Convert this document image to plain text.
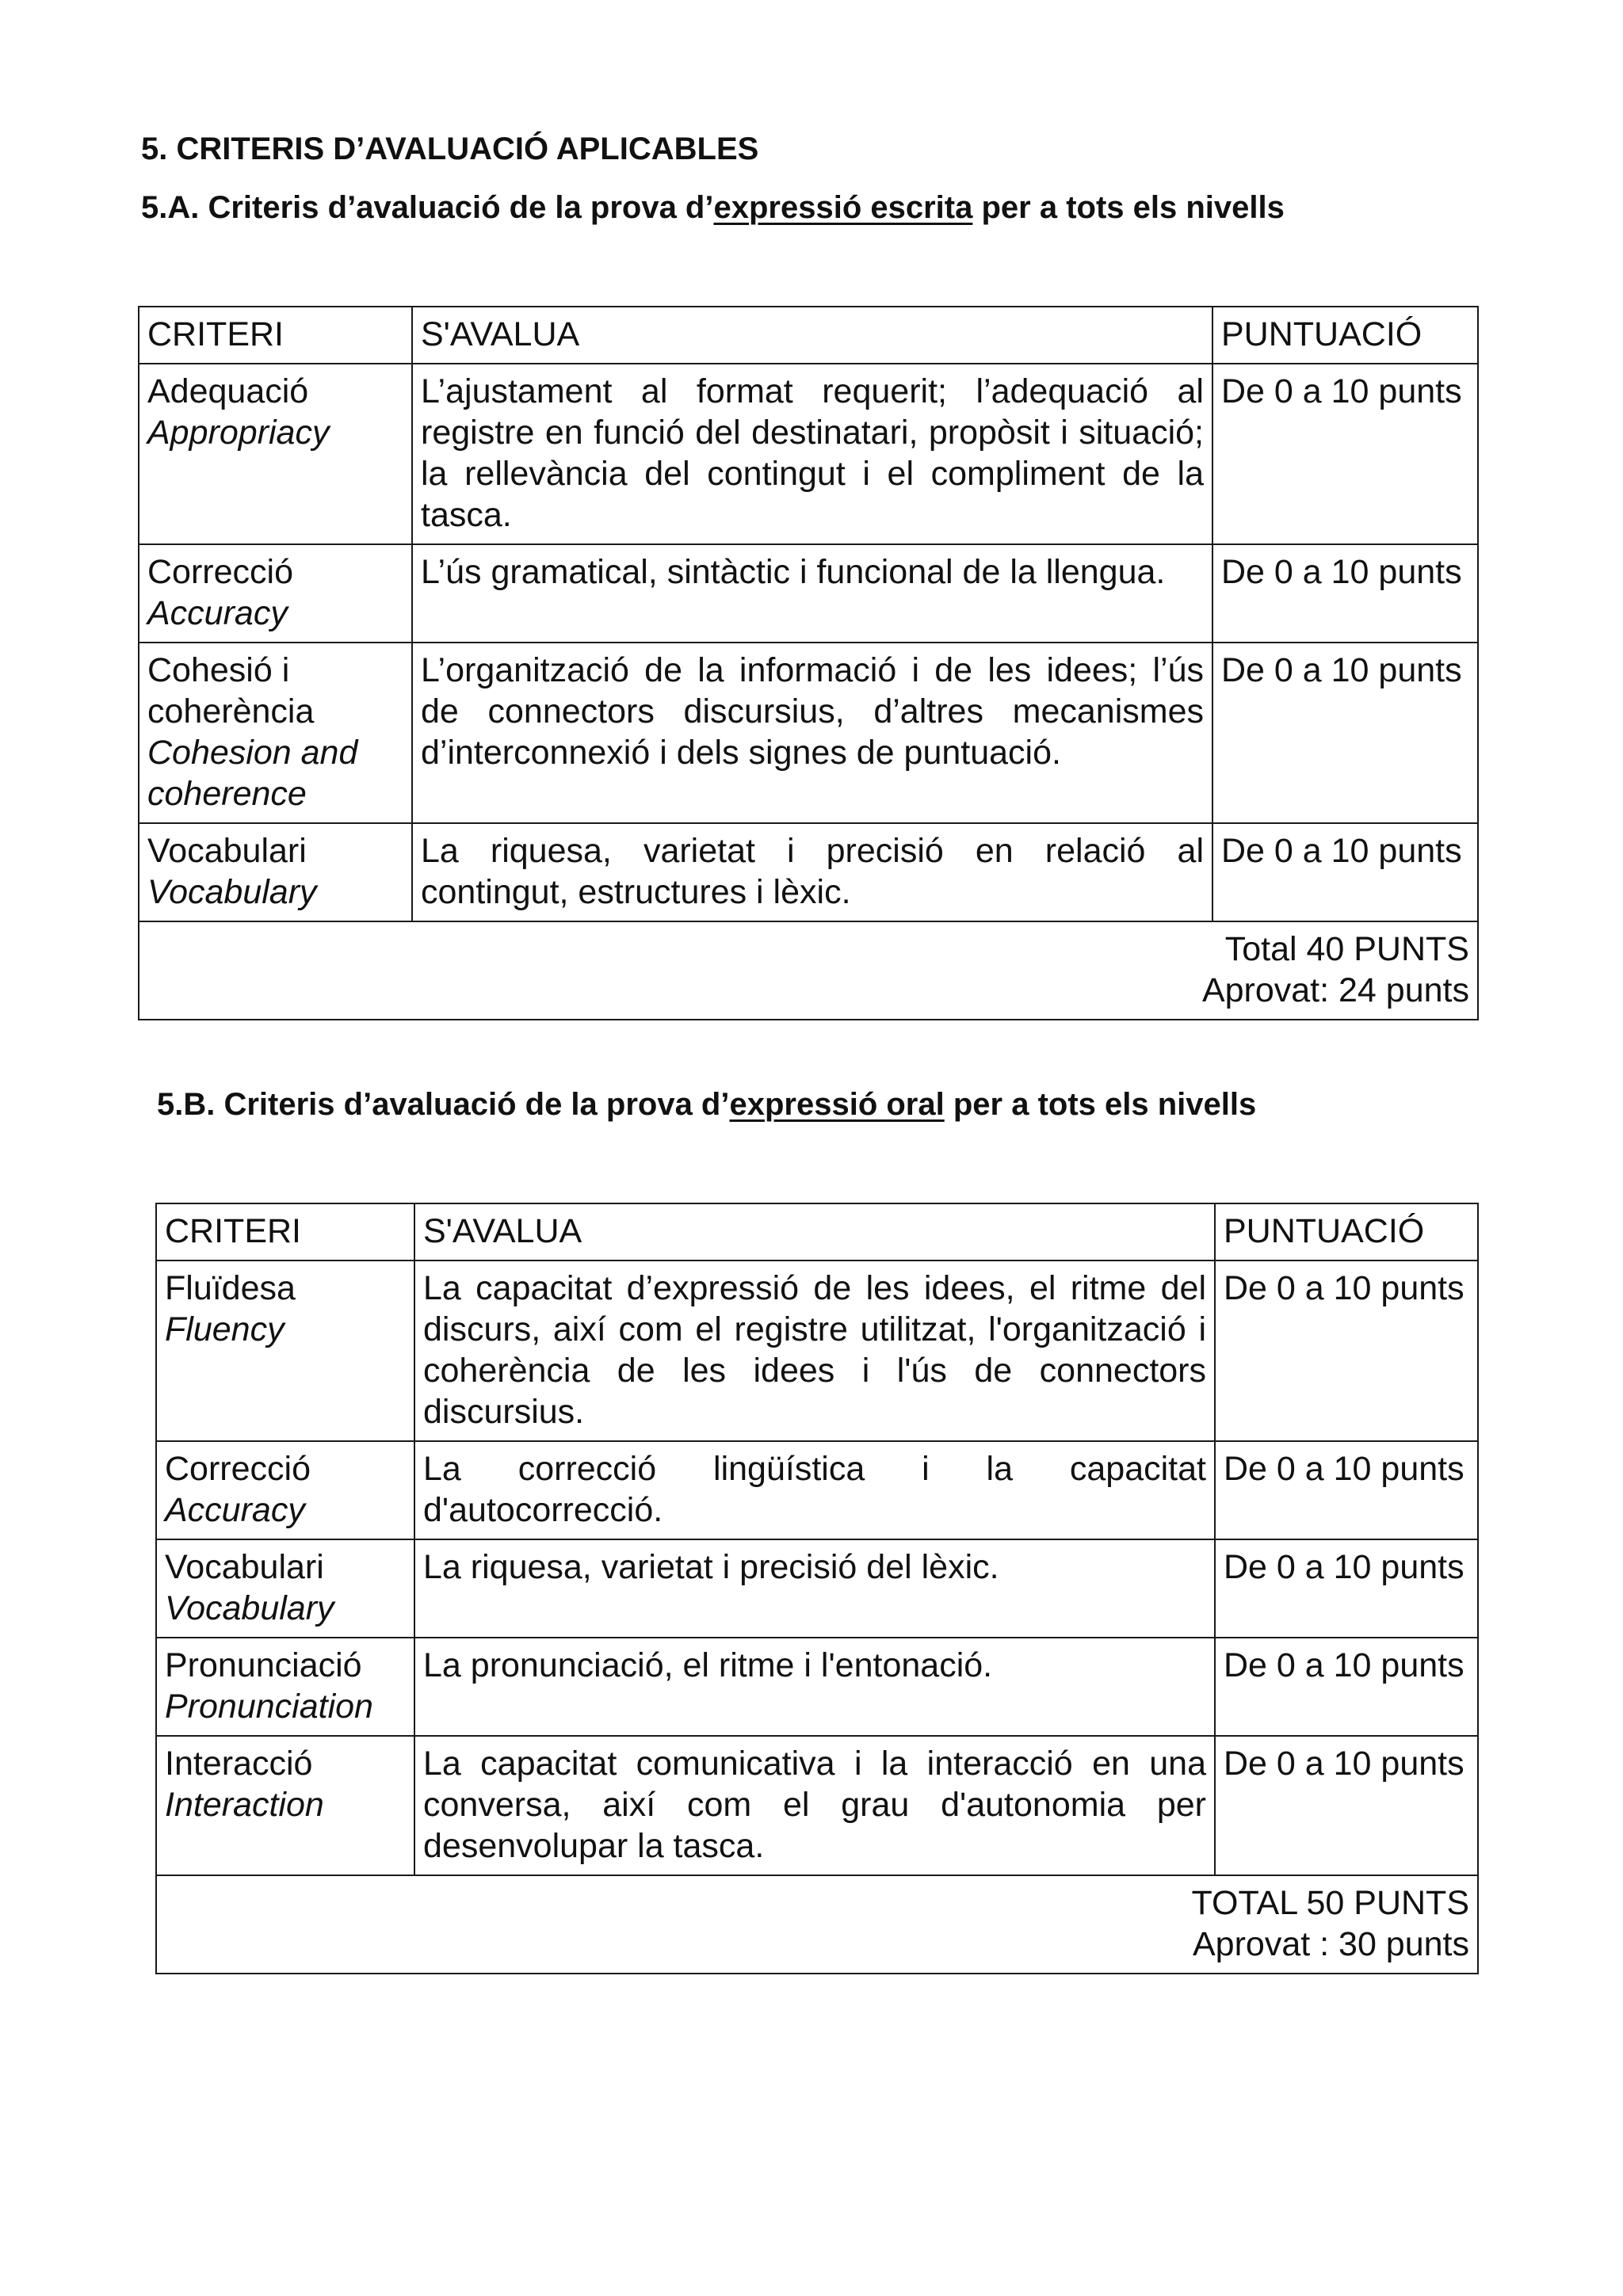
5. CRITERIS D’AVALUACIÓ APLICABLES
5.A. Criteris d’avaluació de la prova d’expressió escrita per a tots els nivells
CRITERI	S'AVALUA	PUNTUACIÓ

Adequació
Appropriacy	L’ajustament al format requerit; l’adequació al registre en funció del destinatari, propòsit i situació; la rellevància del contingut i el compliment de la tasca.	De 0 a 10 punts

Correcció
Accuracy	L’ús gramatical, sintàctic i funcional de la llengua.	De 0 a 10 punts

Cohesió i coherència
Cohesion and coherence	L’organització de la informació i de les idees; l’ús de connectors discursius, d’altres mecanismes d’interconnexió i dels signes de puntuació.	De 0 a 10 punts

Vocabulari
Vocabulary	La riquesa, varietat i precisió en relació al contingut, estructures i lèxic.	De 0 a 10 punts

Total 40 PUNTS
Aprovat: 24 punts		
5.B. Criteris d’avaluació de la prova d’expressió oral per a tots els nivells
CRITERI	S'AVALUA	PUNTUACIÓ

Fluïdesa
Fluency	La capacitat d’expressió de les idees, el ritme del discurs, així com el registre utilitzat, l'organització i coherència de les idees i l'ús de connectors discursius.	De 0 a 10 punts

Correcció
Accuracy	La correcció lingüística i la capacitat d'autocorrecció.	De 0 a 10 punts

Vocabulari
Vocabulary	La riquesa, varietat i precisió del lèxic.	De 0 a 10 punts

Pronunciació
Pronunciation	La pronunciació, el ritme i l'entonació.	De 0 a 10 punts

Interacció
Interaction	La capacitat comunicativa i la interacció en una conversa, així com el grau d'autonomia per desenvolupar la tasca.	De 0 a 10 punts

TOTAL 50 PUNTS
Aprovat : 30 punts		
